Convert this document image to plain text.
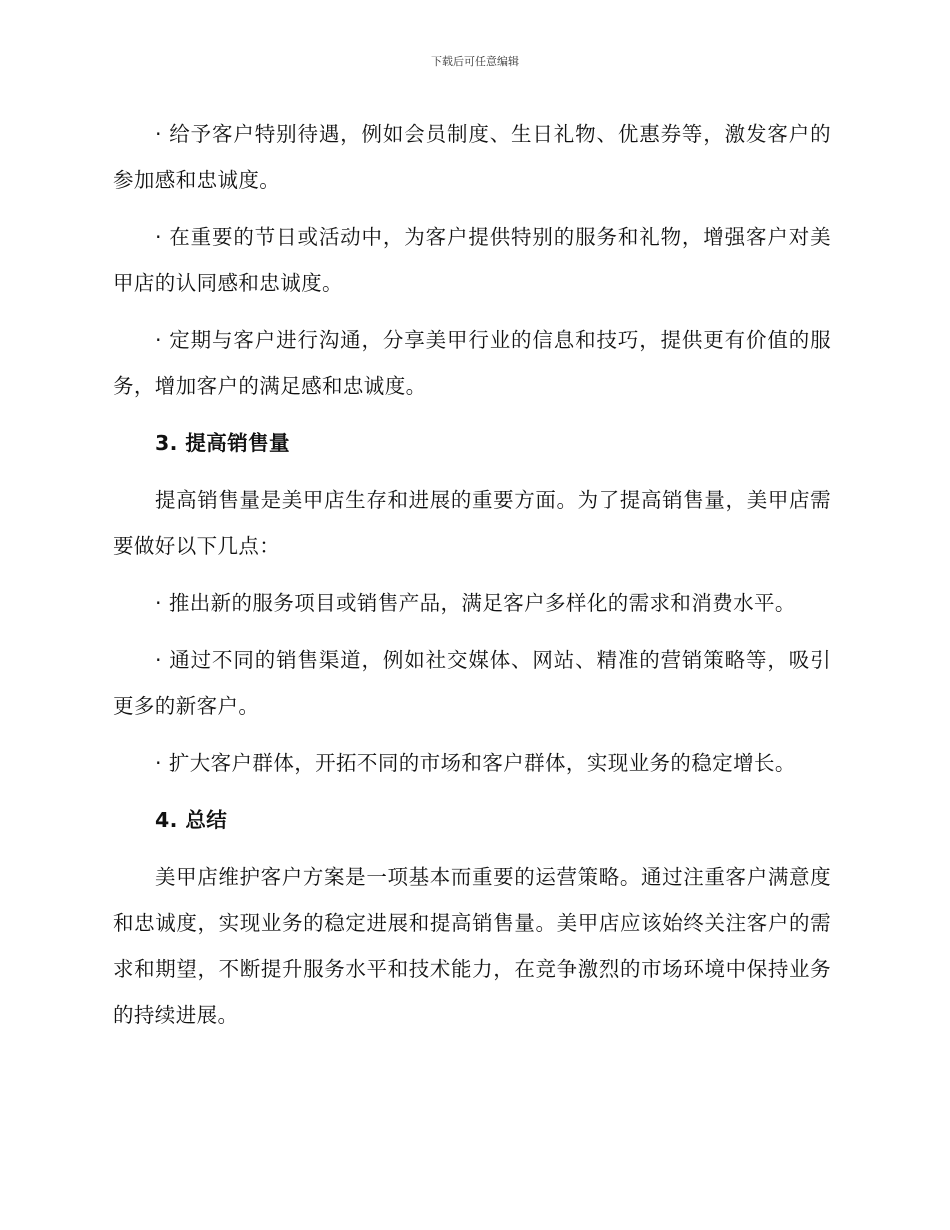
下载后可任意编辑

· 给予客户特别待遇，例如会员制度、生日礼物、优惠券等，激发客户的参加感和忠诚度。

· 在重要的节日或活动中，为客户提供特别的服务和礼物，增强客户对美甲店的认同感和忠诚度。

· 定期与客户进行沟通，分享美甲行业的信息和技巧，提供更有价值的服务，增加客户的满足感和忠诚度。

3. 提高销售量

提高销售量是美甲店生存和进展的重要方面。为了提高销售量，美甲店需要做好以下几点：

· 推出新的服务项目或销售产品，满足客户多样化的需求和消费水平。

· 通过不同的销售渠道，例如社交媒体、网站、精准的营销策略等，吸引更多的新客户。

· 扩大客户群体，开拓不同的市场和客户群体，实现业务的稳定增长。

4. 总结

美甲店维护客户方案是一项基本而重要的运营策略。通过注重客户满意度和忠诚度，实现业务的稳定进展和提高销售量。美甲店应该始终关注客户的需求和期望，不断提升服务水平和技术能力，在竞争激烈的市场环境中保持业务的持续进展。
